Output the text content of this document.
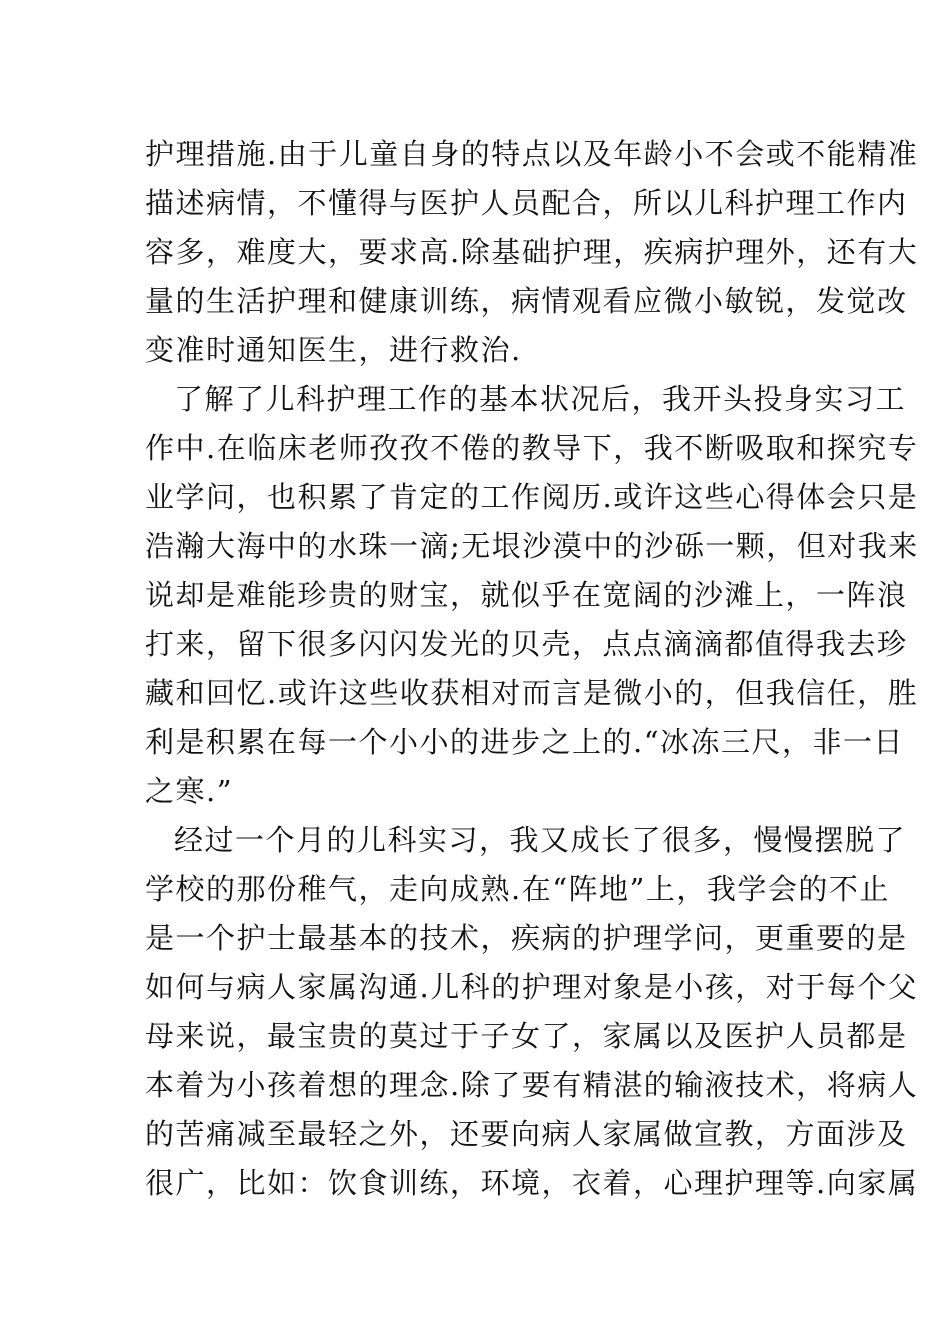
护理措施.由于儿童自身的特点以及年龄小不会或不能精准
描述病情，不懂得与医护人员配合，所以儿科护理工作内
容多，难度大，要求高.除基础护理，疾病护理外，还有大
量的生活护理和健康训练，病情观看应微小敏锐，发觉改
变准时通知医生，进行救治.
了解了儿科护理工作的基本状况后，我开头投身实习工
作中.在临床老师孜孜不倦的教导下，我不断吸取和探究专
业学问，也积累了肯定的工作阅历.或许这些心得体会只是
浩瀚大海中的水珠一滴;无垠沙漠中的沙砾一颗，但对我来
说却是难能珍贵的财宝，就似乎在宽阔的沙滩上，一阵浪
打来，留下很多闪闪发光的贝壳，点点滴滴都值得我去珍
藏和回忆.或许这些收获相对而言是微小的，但我信任，胜
利是积累在每一个小小的进步之上的.“冰冻三尺，非一日
之寒.”
经过一个月的儿科实习，我又成长了很多，慢慢摆脱了
学校的那份稚气，走向成熟.在“阵地”上，我学会的不止
是一个护士最基本的技术，疾病的护理学问，更重要的是
如何与病人家属沟通.儿科的护理对象是小孩，对于每个父
母来说，最宝贵的莫过于子女了，家属以及医护人员都是
本着为小孩着想的理念.除了要有精湛的输液技术，将病人
的苦痛减至最轻之外，还要向病人家属做宣教，方面涉及
很广，比如：饮食训练，环境，衣着，心理护理等.向家属
